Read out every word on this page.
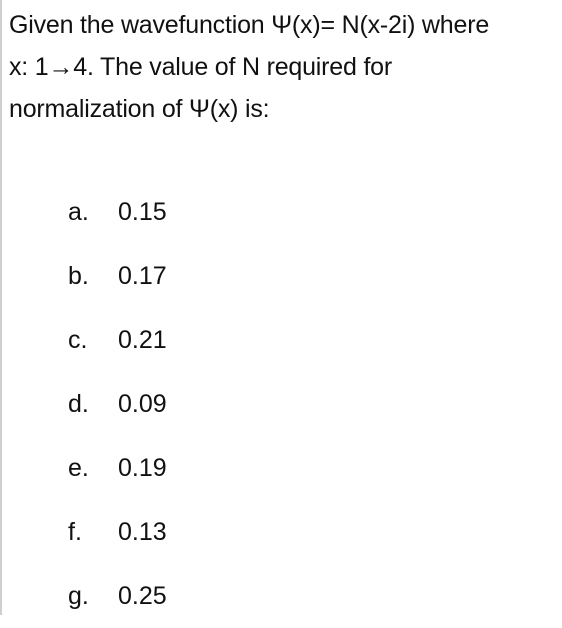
Given the wavefunction Ψ(x)= N(x-2i) where
x: 1→4. The value of N required for
normalization of Ψ(x) is:
a.	0.15
b.	0.17
c.	0.21
d.	0.09
e.	0.19
f.	0.13
g.	0.25
